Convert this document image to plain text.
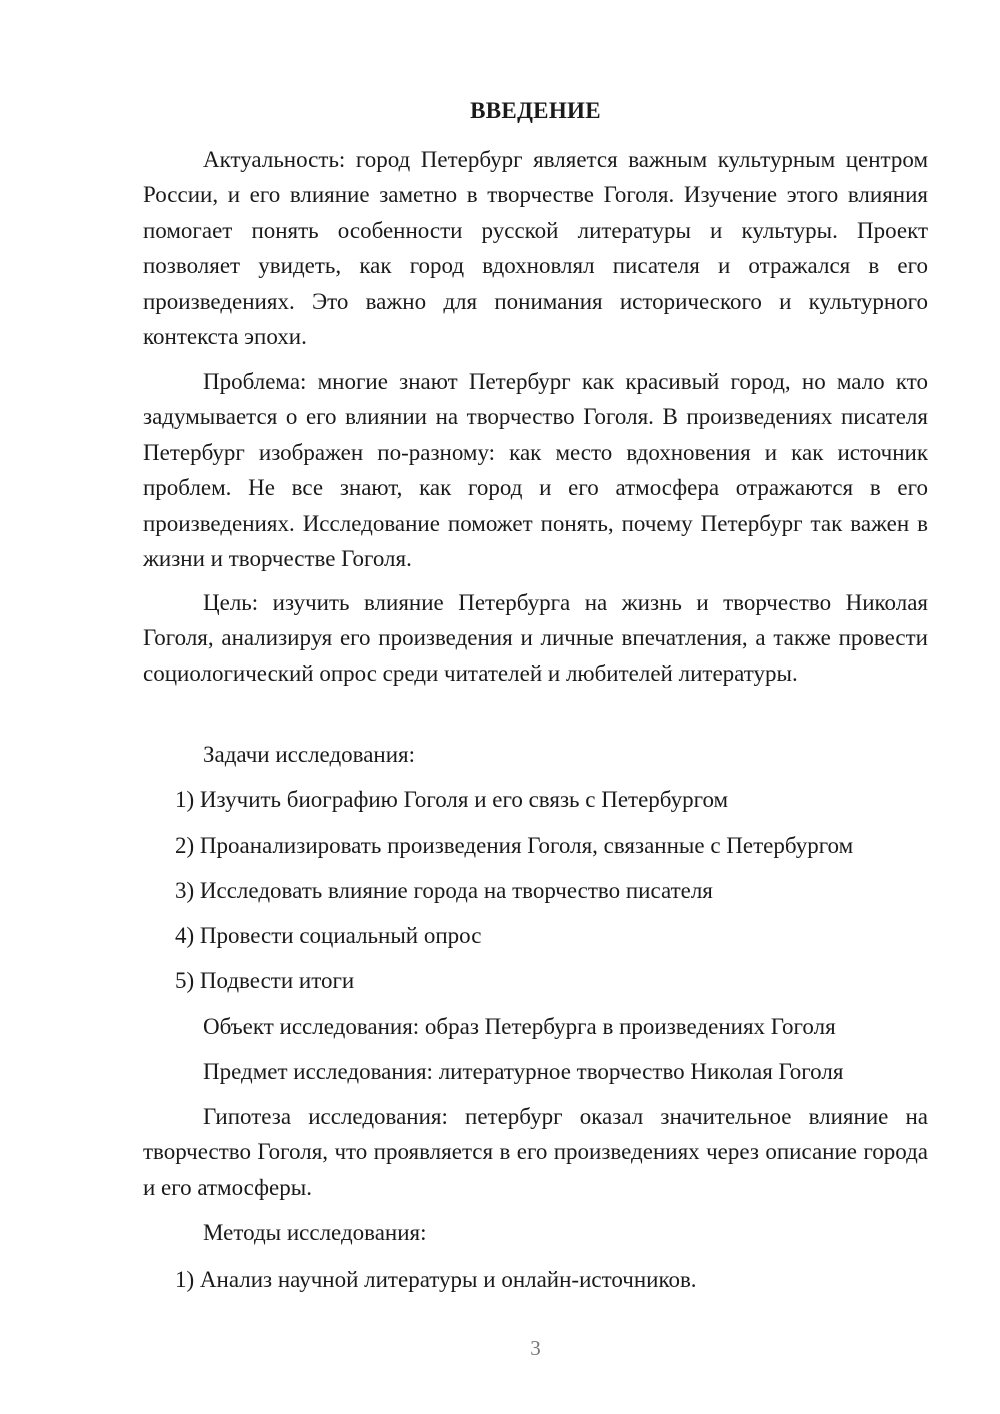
ВВЕДЕНИЕ

Актуальность: город Петербург является важным культурным центром России, и его влияние заметно в творчестве Гоголя. Изучение этого влияния помогает понять особенности русской литературы и культуры. Проект позволяет увидеть, как город вдохновлял писателя и отражался в его произведениях. Это важно для понимания исторического и культурного контекста эпохи.

Проблема: многие знают Петербург как красивый город, но мало кто задумывается о его влиянии на творчество Гоголя. В произведениях писателя Петербург изображен по-разному: как место вдохновения и как источник проблем. Не все знают, как город и его атмосфера отражаются в его произведениях. Исследование поможет понять, почему Петербург так важен в жизни и творчестве Гоголя.

Цель: изучить влияние Петербурга на жизнь и творчество Николая Гоголя, анализируя его произведения и личные впечатления, а также провести социологический опрос среди читателей и любителей литературы.

Задачи исследования:

1) Изучить биографию Гоголя и его связь с Петербургом

2) Проанализировать произведения Гоголя, связанные с Петербургом

3) Исследовать влияние города на творчество писателя

4) Провести социальный опрос

5) Подвести итоги

Объект исследования: образ Петербурга в произведениях Гоголя

Предмет исследования: литературное творчество Николая Гоголя

Гипотеза исследования: петербург оказал значительное влияние на творчество Гоголя, что проявляется в его произведениях через описание города и его атмосферы.

Методы исследования:

1) Анализ научной литературы и онлайн-источников.

3
